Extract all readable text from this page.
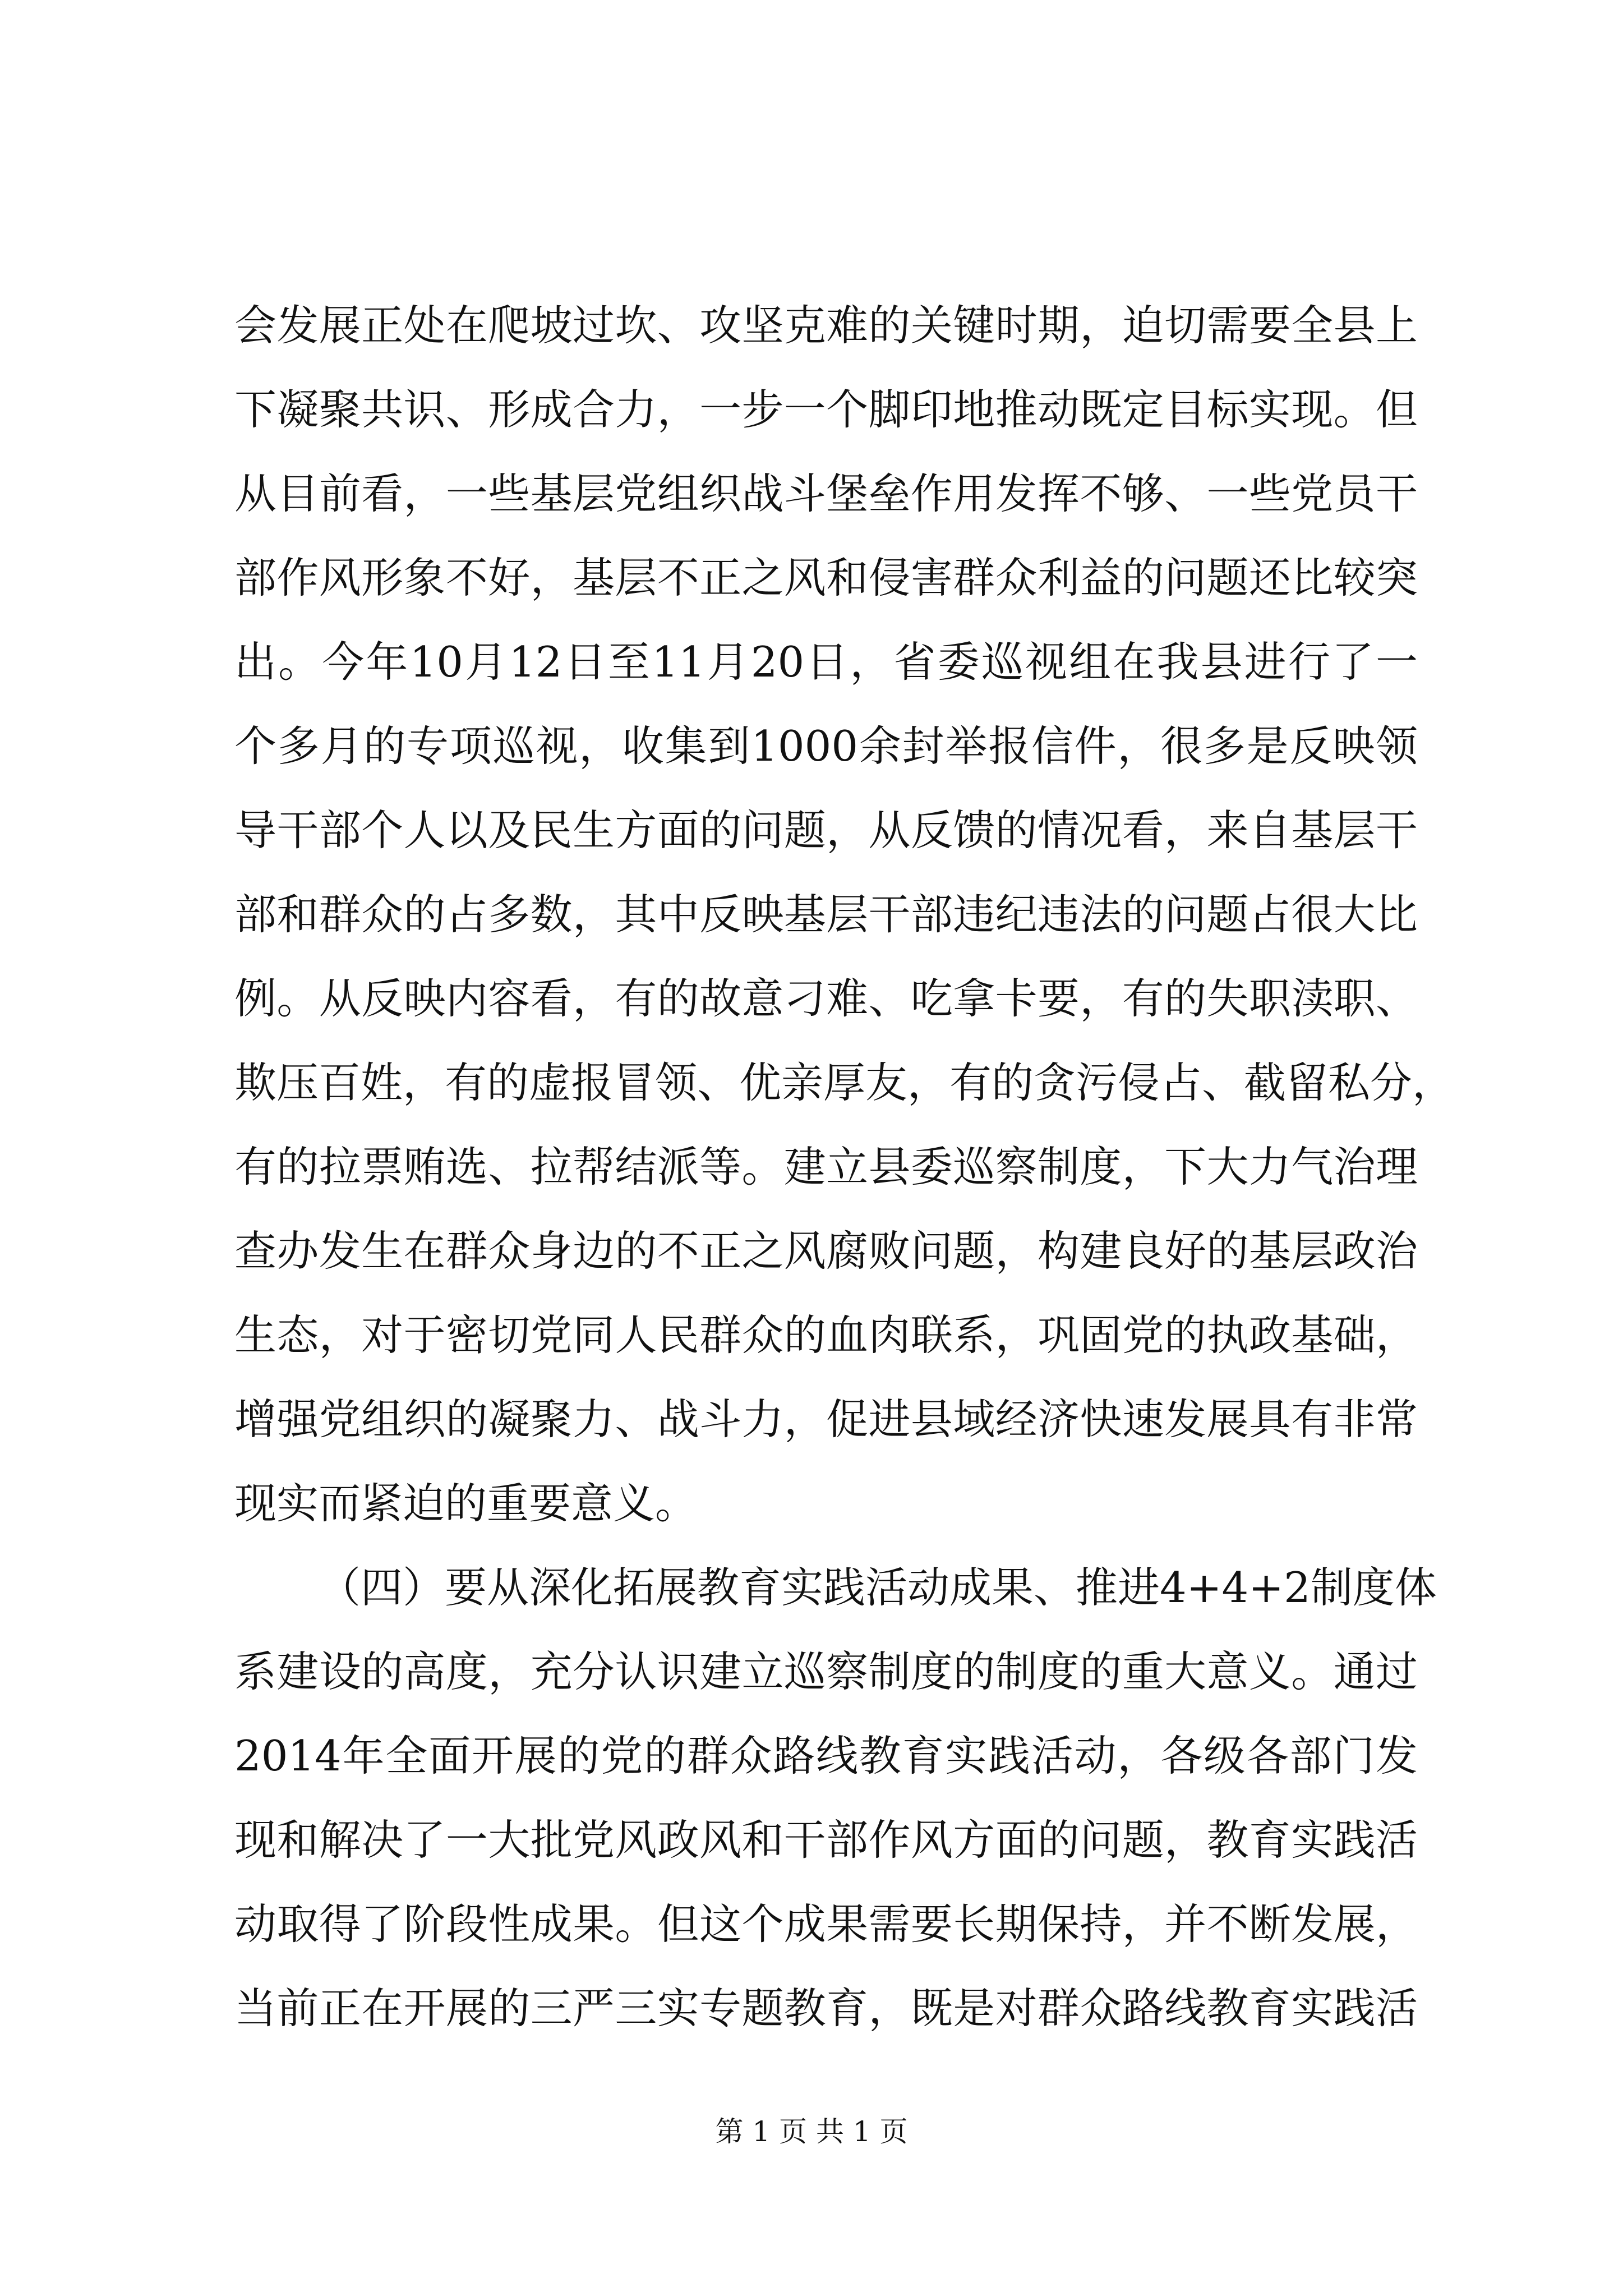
会发展正处在爬坡过坎、攻坚克难的关键时期，迫切需要全县上
下凝聚共识、形成合力，一步一个脚印地推动既定目标实现。但
从目前看，一些基层党组织战斗堡垒作用发挥不够、一些党员干
部作风形象不好，基层不正之风和侵害群众利益的问题还比较突
出。今年10月12日至11月20日，省委巡视组在我县进行了一
个多月的专项巡视，收集到1000余封举报信件，很多是反映领
导干部个人以及民生方面的问题，从反馈的情况看，来自基层干
部和群众的占多数，其中反映基层干部违纪违法的问题占很大比
例。从反映内容看，有的故意刁难、吃拿卡要，有的失职渎职、
欺压百姓，有的虚报冒领、优亲厚友，有的贪污侵占、截留私分，
有的拉票贿选、拉帮结派等。建立县委巡察制度，下大力气治理
查办发生在群众身边的不正之风腐败问题，构建良好的基层政治
生态，对于密切党同人民群众的血肉联系，巩固党的执政基础，
增强党组织的凝聚力、战斗力，促进县域经济快速发展具有非常
现实而紧迫的重要意义。
（四）要从深化拓展教育实践活动成果、推进4+4+2制度体
系建设的高度，充分认识建立巡察制度的制度的重大意义。通过
2014年全面开展的党的群众路线教育实践活动，各级各部门发
现和解决了一大批党风政风和干部作风方面的问题，教育实践活
动取得了阶段性成果。但这个成果需要长期保持，并不断发展，
当前正在开展的三严三实专题教育，既是对群众路线教育实践活
第 1 页 共 1 页
